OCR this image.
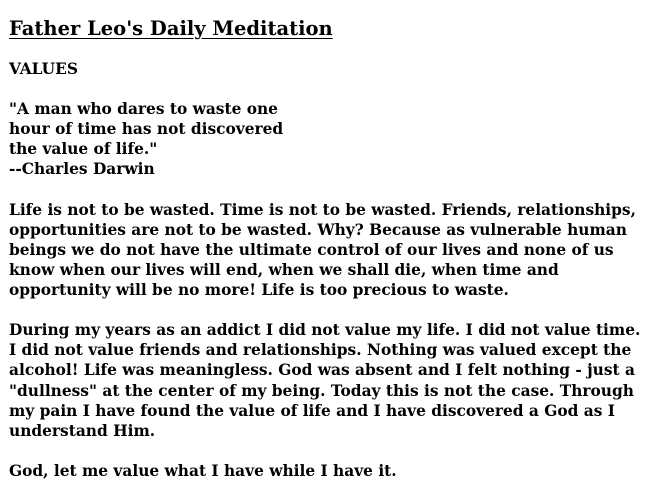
Father Leo's Daily Meditation
VALUES
"A man who dares to waste one
hour of time has not discovered
the value of life."
--Charles Darwin
Life is not to be wasted. Time is not to be wasted. Friends, relationships,
opportunities are not to be wasted. Why? Because as vulnerable human
beings we do not have the ultimate control of our lives and none of us
know when our lives will end, when we shall die, when time and
opportunity will be no more! Life is too precious to waste.
During my years as an addict I did not value my life. I did not value time.
I did not value friends and relationships. Nothing was valued except the
alcohol! Life was meaningless. God was absent and I felt nothing - just a
"dullness" at the center of my being. Today this is not the case. Through
my pain I have found the value of life and I have discovered a God as I
understand Him.
God, let me value what I have while I have it.
